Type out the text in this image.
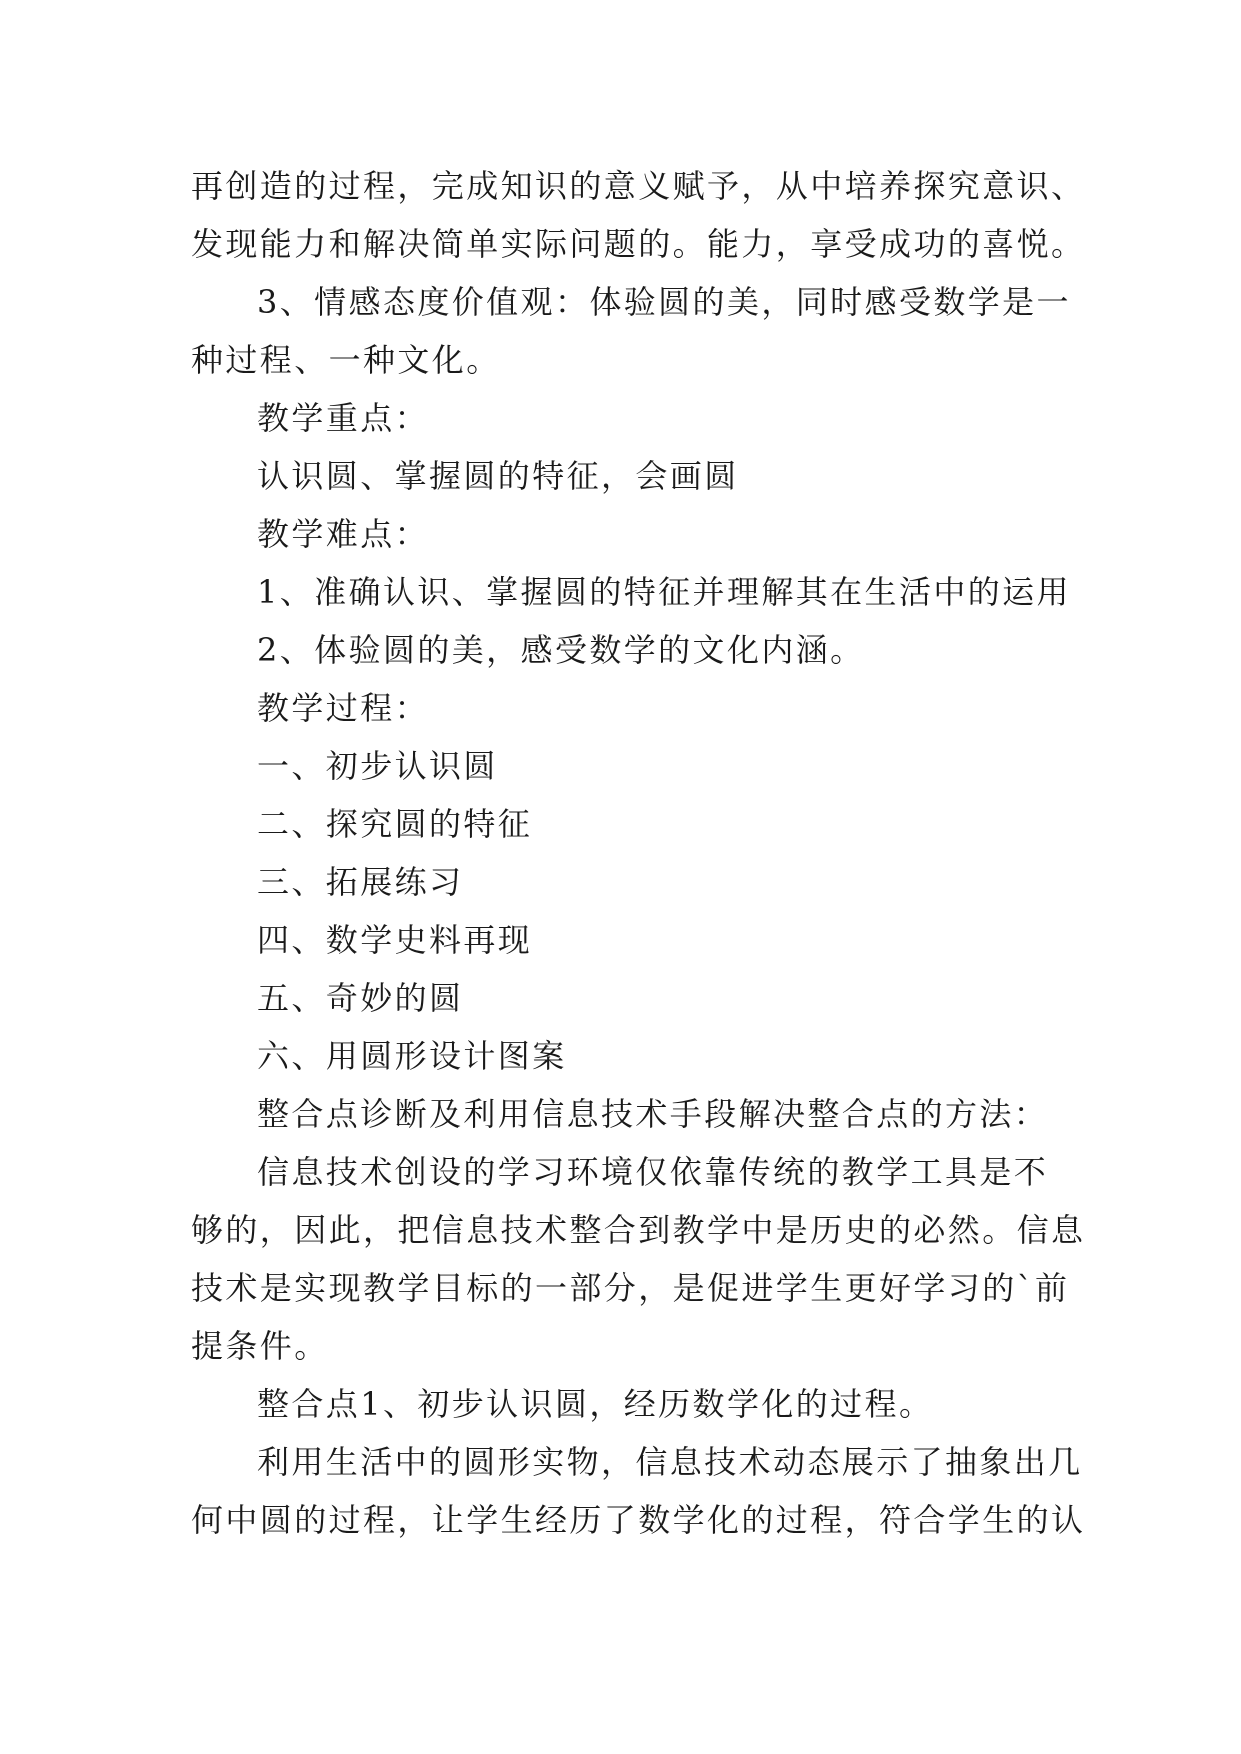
再创造的过程，完成知识的意义赋予，从中培养探究意识、
发现能力和解决简单实际问题的。能力，享受成功的喜悦。
3、情感态度价值观：体验圆的美，同时感受数学是一
种过程、一种文化。
教学重点：
认识圆、掌握圆的特征，会画圆
教学难点：
1、准确认识、掌握圆的特征并理解其在生活中的运用
2、体验圆的美，感受数学的文化内涵。
教学过程：
一、初步认识圆
二、探究圆的特征
三、拓展练习
四、数学史料再现
五、奇妙的圆
六、用圆形设计图案
整合点诊断及利用信息技术手段解决整合点的方法：
信息技术创设的学习环境仅依靠传统的教学工具是不
够的，因此，把信息技术整合到教学中是历史的必然。信息
技术是实现教学目标的一部分，是促进学生更好学习的`前
提条件。
整合点1、初步认识圆，经历数学化的过程。
利用生活中的圆形实物，信息技术动态展示了抽象出几
何中圆的过程，让学生经历了数学化的过程，符合学生的认
